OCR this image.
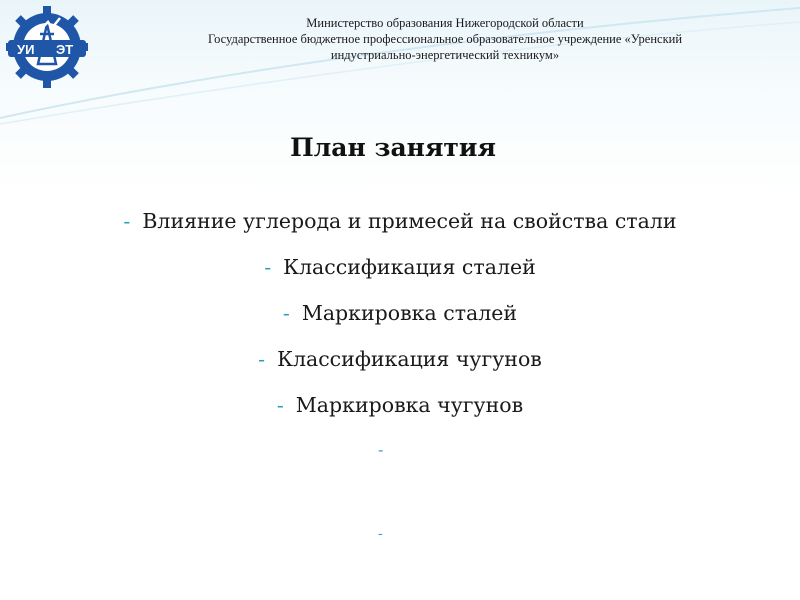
УИ ЭТ
Министерство образования Нижегородской области
Государственное бюджетное профессиональное образовательное учреждение «Уренский
индустриально-энергетический техникум»
План занятия
- Влияние углерода и примесей на свойства стали
- Классификация сталей
- Маркировка сталей
- Классификация чугунов
- Маркировка чугунов
-
-
